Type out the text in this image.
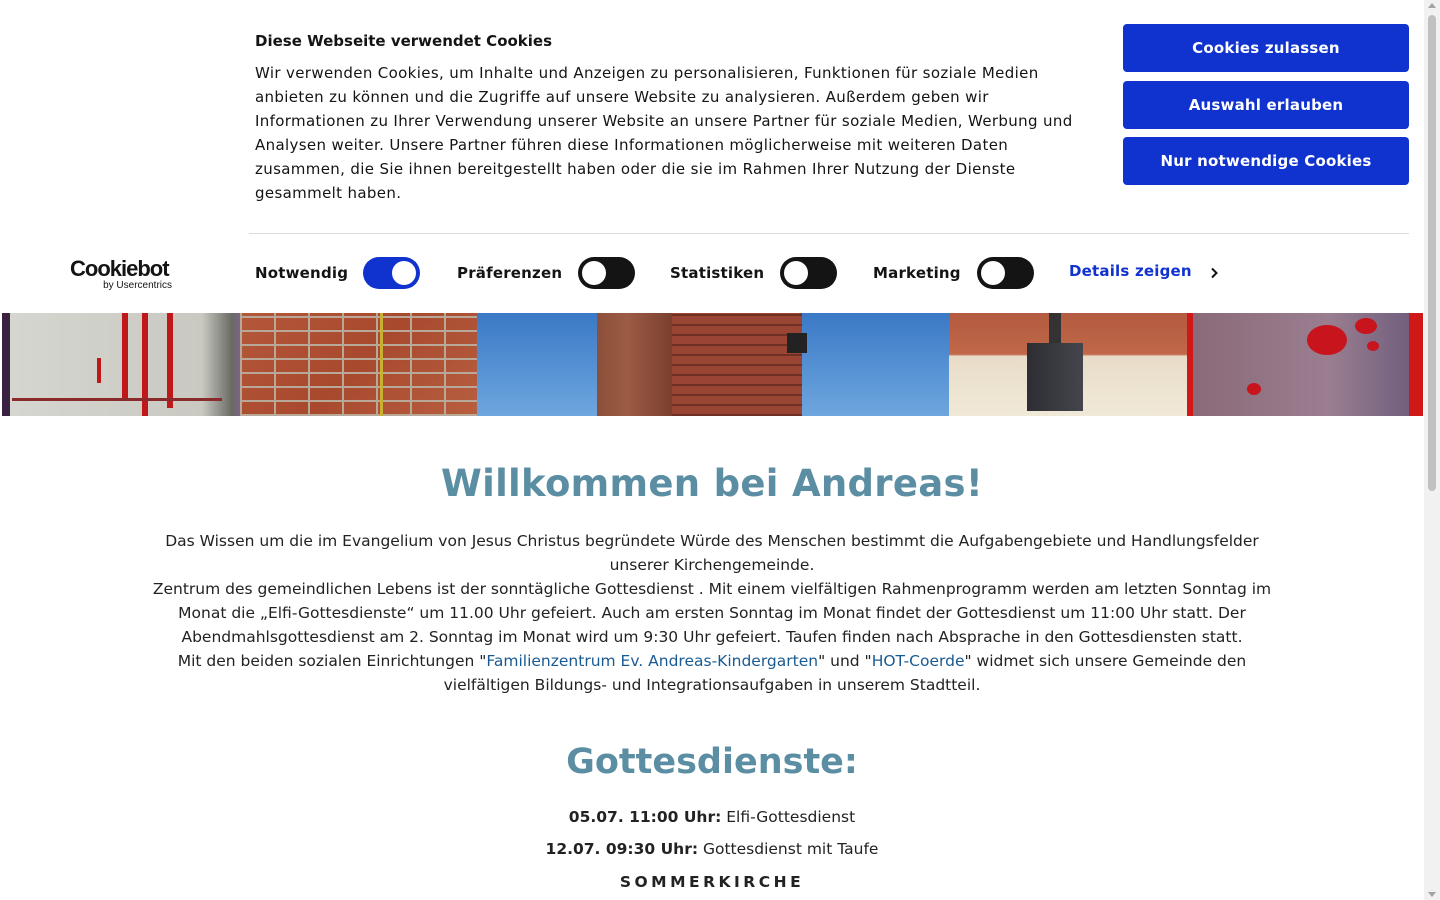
Diese Webseite verwendet Cookies
Wir verwenden Cookies, um Inhalte und Anzeigen zu personalisieren, Funktionen für soziale Medien anbieten zu können und die Zugriffe auf unsere Website zu analysieren. Außerdem geben wir Informationen zu Ihrer Verwendung unserer Website an unsere Partner für soziale Medien, Werbung und Analysen weiter. Unsere Partner führen diese Informationen möglicherweise mit weiteren Daten zusammen, die Sie ihnen bereitgestellt haben oder die sie im Rahmen Ihrer Nutzung der Dienste gesammelt haben.
Cookies zulassen
Auswahl erlauben
Nur notwendige Cookies
Cookiebot
by Usercentrics
Notwendig	Präferenzen	Statistiken	Marketing	Details zeigen
Willkommen bei Andreas!

Das Wissen um die im Evangelium von Jesus Christus begründete Würde des Menschen bestimmt die Aufgabengebiete und Handlungsfelder unserer Kirchengemeinde.

Zentrum des gemeindlichen Lebens ist der sonntägliche Gottesdienst . Mit einem vielfältigen Rahmenprogramm werden am letzten Sonntag im Monat die „Elfi-Gottesdienste“ um 11.00 Uhr gefeiert. Auch am ersten Sonntag im Monat findet der Gottesdienst um 11:00 Uhr statt. Der Abendmahlsgottesdienst am 2. Sonntag im Monat wird um 9:30 Uhr gefeiert. Taufen finden nach Absprache in den Gottesdiensten statt.

Mit den beiden sozialen Einrichtungen "Familienzentrum Ev. Andreas-Kindergarten" und "HOT-Coerde" widmet sich unsere Gemeinde den vielfältigen Bildungs- und Integrationsaufgaben in unserem Stadtteil.

Gottesdienste:
05.07. 11:00 Uhr: Elfi-Gottesdienst
12.07. 09:30 Uhr: Gottesdienst mit Taufe
SOMMERKIRCHE
